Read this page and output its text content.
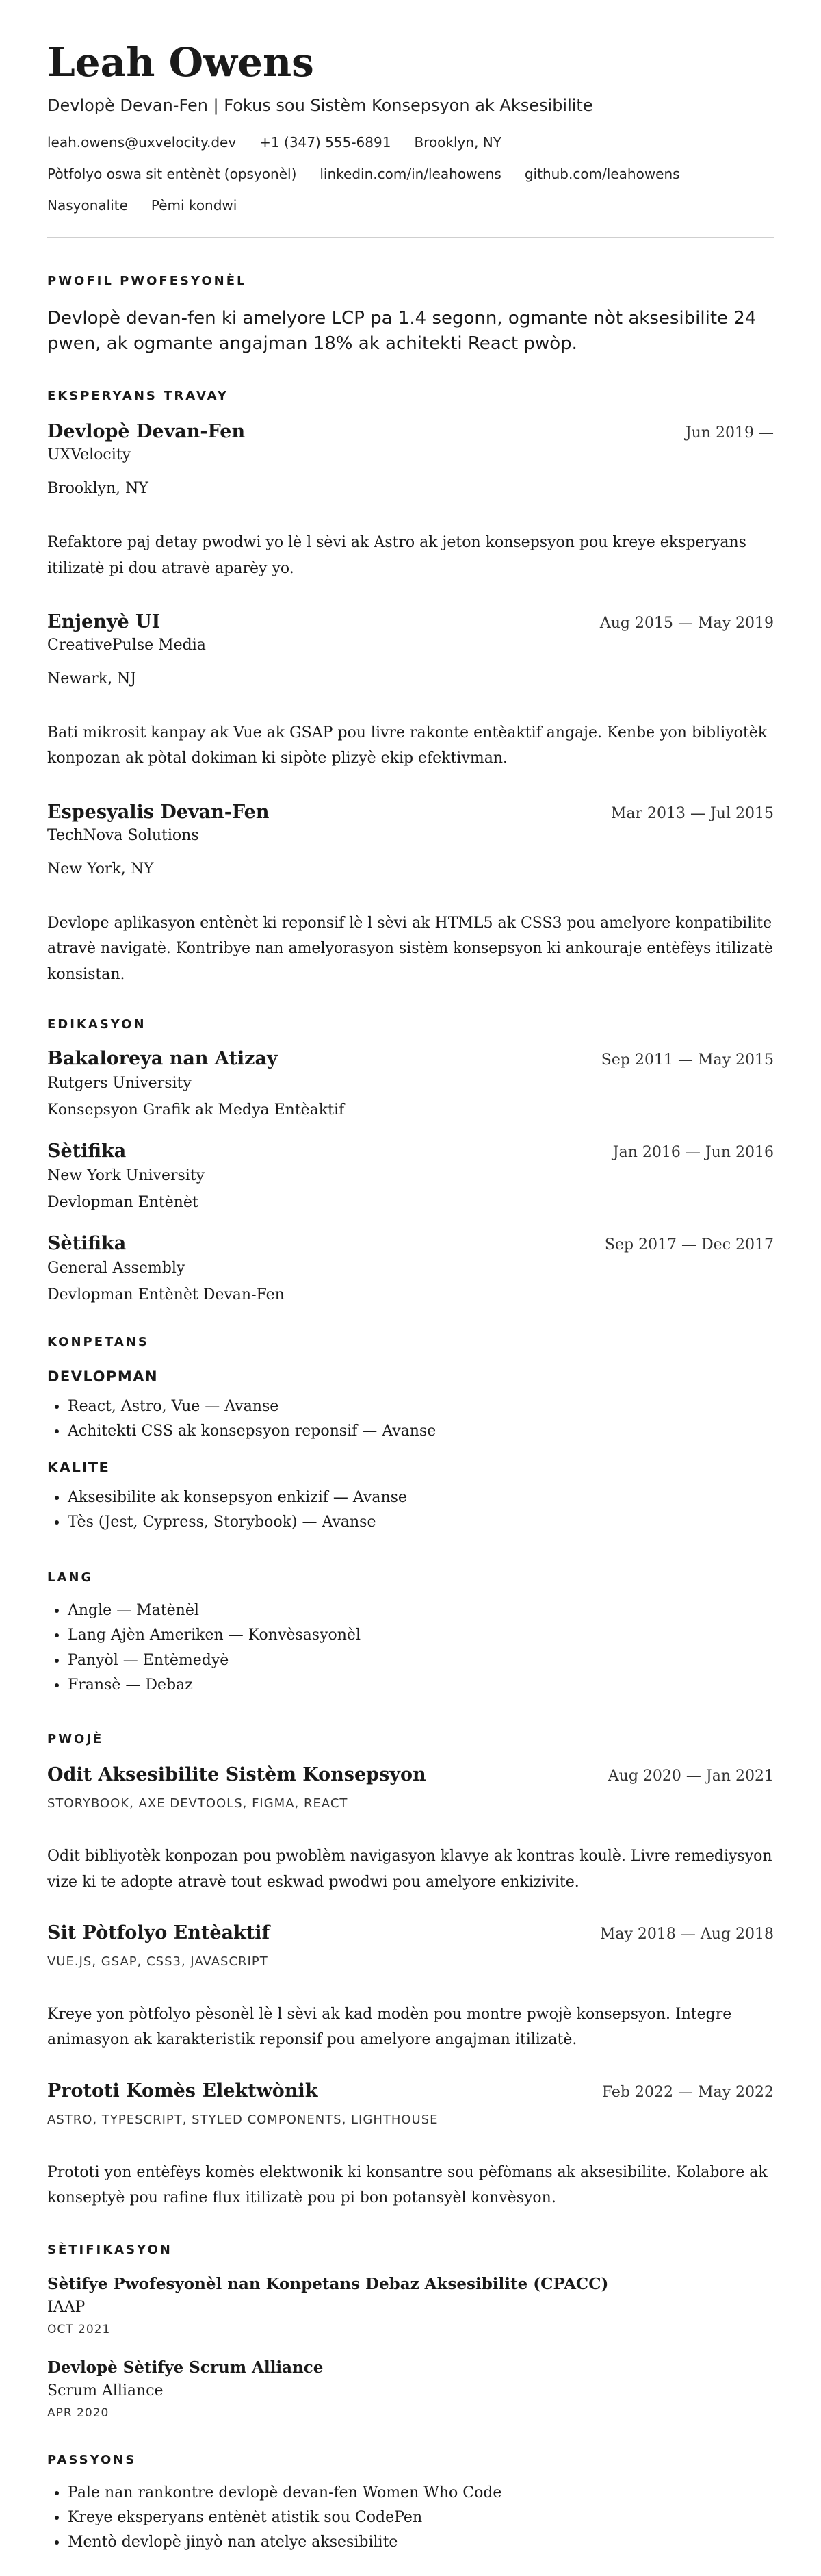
Leah Owens
Devlopè Devan-Fen | Fokus sou Sistèm Konsepsyon ak Aksesibilite
leah.owens@uxvelocity.dev +1 (347) 555-6891 Brooklyn, NY
Pòtfolyo oswa sit entènèt (opsyonèl) linkedin.com/in/leahowens github.com/leahowens
Nasyonalite Pèmi kondwi
PWOFIL PWOFESYONÈL
Devlopè devan-fen ki amelyore LCP pa 1.4 segonn, ogmante nòt aksesibilite 24 pwen, ak ogmante angajman 18% ak achitekti React pwòp.
EKSPERYANS TRAVAY
Devlopè Devan-Fen	Jun 2019 —
UXVelocity
Brooklyn, NY
Refaktore paj detay pwodwi yo lè l sèvi ak Astro ak jeton konsepsyon pou kreye eksperyans itilizatè pi dou atravè aparèy yo.
Enjenyè UI	Aug 2015 — May 2019
CreativePulse Media
Newark, NJ
Bati mikrosit kanpay ak Vue ak GSAP pou livre rakonte entèaktif angaje. Kenbe yon bibliyotèk konpozan ak pòtal dokiman ki sipòte plizyè ekip efektivman.
Espesyalis Devan-Fen	Mar 2013 — Jul 2015
TechNova Solutions
New York, NY
Devlope aplikasyon entènèt ki reponsif lè l sèvi ak HTML5 ak CSS3 pou amelyore konpatibilite atravè navigatè. Kontribye nan amelyorasyon sistèm konsepsyon ki ankouraje entèfèys itilizatè konsistan.
EDIKASYON
Bakaloreya nan Atizay	Sep 2011 — May 2015
Rutgers University
Konsepsyon Grafik ak Medya Entèaktif
Sètifika	Jan 2016 — Jun 2016
New York University
Devlopman Entènèt
Sètifika	Sep 2017 — Dec 2017
General Assembly
Devlopman Entènèt Devan-Fen
KONPETANS
DEVLOPMAN
• React, Astro, Vue — Avanse
• Achitekti CSS ak konsepsyon reponsif — Avanse
KALITE
• Aksesibilite ak konsepsyon enkizif — Avanse
• Tès (Jest, Cypress, Storybook) — Avanse
LANG
• Angle — Matènèl
• Lang Ajèn Ameriken — Konvèsasyonèl
• Panyòl — Entèmedyè
• Fransè — Debaz
PWOJÈ
Odit Aksesibilite Sistèm Konsepsyon	Aug 2020 — Jan 2021
STORYBOOK, AXE DEVTOOLS, FIGMA, REACT
Odit bibliyotèk konpozan pou pwoblèm navigasyon klavye ak kontras koulè. Livre remediysyon vize ki te adopte atravè tout eskwad pwodwi pou amelyore enkizivite.
Sit Pòtfolyo Entèaktif	May 2018 — Aug 2018
VUE.JS, GSAP, CSS3, JAVASCRIPT
Kreye yon pòtfolyo pèsonèl lè l sèvi ak kad modèn pou montre pwojè konsepsyon. Integre animasyon ak karakteristik reponsif pou amelyore angajman itilizatè.
Prototi Komès Elektwònik	Feb 2022 — May 2022
ASTRO, TYPESCRIPT, STYLED COMPONENTS, LIGHTHOUSE
Prototi yon entèfèys komès elektwonik ki konsantre sou pèfòmans ak aksesibilite. Kolabore ak konseptyè pou rafine flux itilizatè pou pi bon potansyèl konvèsyon.
SÈTIFIKASYON
Sètifye Pwofesyonèl nan Konpetans Debaz Aksesibilite (CPACC)
IAAP
OCT 2021
Devlopè Sètifye Scrum Alliance
Scrum Alliance
APR 2020
PASSYONS
• Pale nan rankontre devlopè devan-fen Women Who Code
• Kreye eksperyans entènèt atistik sou CodePen
• Mentò devlopè jinyò nan atelye aksesibilite
